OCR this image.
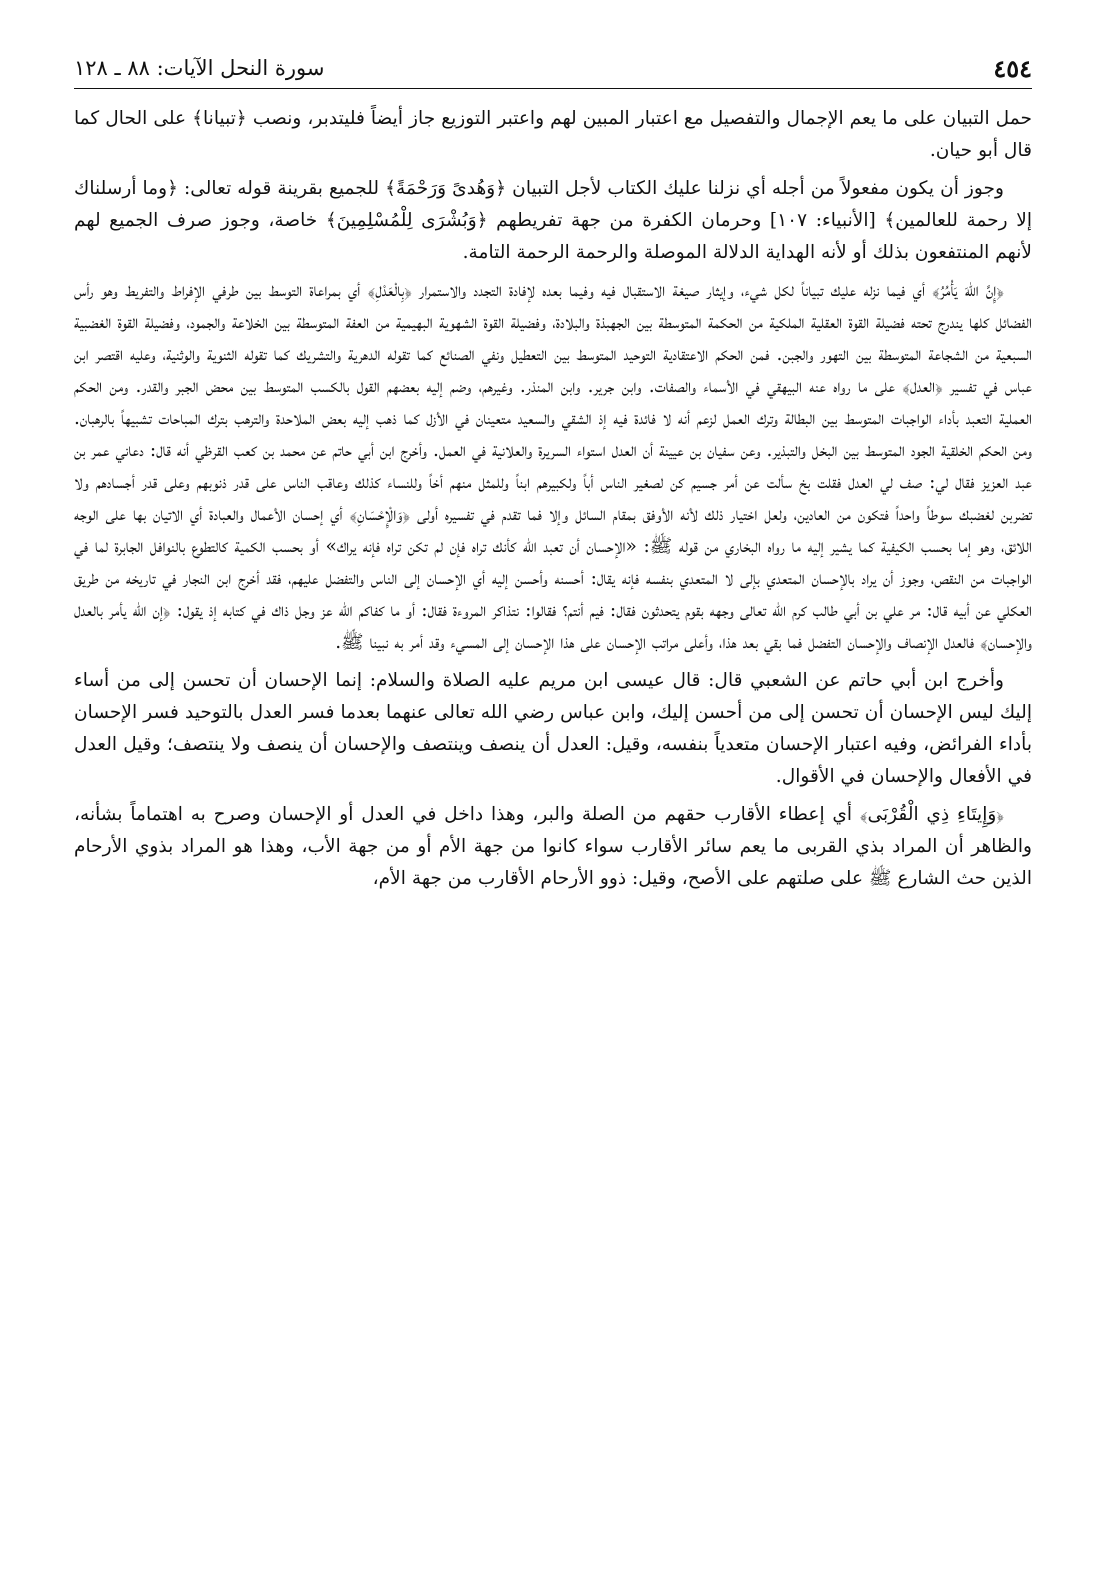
٤٥٤
سورة النحل الآيات: ٨٨ ـ ١٢٨

حمل التبيان على ما يعم الإجمال والتفصيل مع اعتبار المبين لهم واعتبر التوزيع جاز أيضاً فليتدبر، ونصب ﴿تبيانا﴾ على الحال كما قال أبو حيان.

وجوز أن يكون مفعولاً من أجله أي نزلنا عليك الكتاب لأجل التبيان ﴿وَهُدىً وَرَحْمَةً﴾ للجميع بقرينة قوله تعالى: ﴿وما أرسلناك إلا رحمة للعالمين﴾ [الأنبياء: ١٠٧] وحرمان الكفرة من جهة تفريطهم ﴿وَبُشْرَى لِلْمُسْلِمِينَ﴾ خاصة، وجوز صرف الجميع لهم لأنهم المنتفعون بذلك أو لأنه الهداية الدلالة الموصلة والرحمة الرحمة التامة.

﴿إِنَّ اللهَ يَأْمُرُ﴾ أي فيما نزله عليك تبياناً لكل شيء، وإيثار صيغة الاستقبال فيه وفيما بعده لإفادة التجدد والاستمرار ﴿بِالْعَدْلِ﴾ أي بمراعاة التوسط بين طرفي الإفراط والتفريط وهو رأس الفضائل كلها يندرج تحته فضيلة القوة العقلية الملكية من الحكمة المتوسطة بين الجهبذة والبلادة، وفضيلة القوة الشهوية البهيمية من العفة المتوسطة بين الخلاعة والجمود، وفضيلة القوة الغضبية السبعية من الشجاعة المتوسطة بين التهور والجبن. فمن الحكم الاعتقادية التوحيد المتوسط بين التعطيل ونفي الصنائع كما تقوله الدهرية والتشريك كما تقوله الثنوية والوثنية، وعليه اقتصر ابن عباس في تفسير ﴿العدل﴾ على ما رواه عنه البيهقي في الأسماء والصفات. وابن جرير. وابن المنذر. وغيرهم، وضم إليه بعضهم القول بالكسب المتوسط بين محض الجبر والقدر. ومن الحكم العملية التعبد بأداء الواجبات المتوسط بين البطالة وترك العمل لزعم أنه لا فائدة فيه إذ الشقي والسعيد متعينان في الأزل كما ذهب إليه بعض الملاحدة والترهب بترك المباحات تشبيهاً بالرهبان. ومن الحكم الخلقية الجود المتوسط بين البخل والتبذير. وعن سفيان بن عيينة أن العدل استواء السريرة والعلانية في العمل. وأخرج ابن أبي حاتم عن محمد بن كعب القرظي أنه قال: دعاني عمر بن عبد العزيز فقال لي: صف لي العدل فقلت بخ سألت عن أمر جسيم كن لصغير الناس أباً ولكبيرهم ابناً وللمثل منهم أخاً وللنساء كذلك وعاقب الناس على قدر ذنوبهم وعلى قدر أجسادهم ولا تضربن لغضبك سوطاً واحداً فتكون من العادين، ولعل اختيار ذلك لأنه الأوفق بمقام السائل وإلا فما تقدم في تفسيره أولى ﴿وَالْإِحْسَانِ﴾ أي إحسان الأعمال والعبادة أي الاتيان بها على الوجه اللائق، وهو إما بحسب الكيفية كما يشير إليه ما رواه البخاري من قوله ﷺ: «الإحسان أن تعبد الله كأنك تراه فإن لم تكن تراه فإنه يراك» أو بحسب الكمية كالتطوع بالنوافل الجابرة لما في الواجبات من النقص، وجوز أن يراد بالإحسان المتعدي بإلى لا المتعدي بنفسه فإنه يقال: أحسنه وأحسن إليه أي الإحسان إلى الناس والتفضل عليهم، فقد أخرج ابن النجار في تاريخه من طريق العكلي عن أبيه قال: مر علي بن أبي طالب كرم الله تعالى وجهه بقوم يتحدثون فقال: فيم أنتم؟ فقالوا: نتذاكر المروءة فقال: أو ما كفاكم الله عز وجل ذاك في كتابه إذ يقول: ﴿إن الله يأمر بالعدل والإحسان﴾ فالعدل الإنصاف والإحسان التفضل فما بقي بعد هذا، وأعلى مراتب الإحسان على هذا الإحسان إلى المسيء وقد أمر به نبينا ﷺ.

وأخرج ابن أبي حاتم عن الشعبي قال: قال عيسى ابن مريم عليه الصلاة والسلام: إنما الإحسان أن تحسن إلى من أساء إليك ليس الإحسان أن تحسن إلى من أحسن إليك، وابن عباس رضي الله تعالى عنهما بعدما فسر العدل بالتوحيد فسر الإحسان بأداء الفرائض، وفيه اعتبار الإحسان متعدياً بنفسه، وقيل: العدل أن ينصف وينتصف والإحسان أن ينصف ولا ينتصف؛ وقيل العدل في الأفعال والإحسان في الأقوال.

﴿وَإِيتَاءِ ذِي الْقُرْبَى﴾ أي إعطاء الأقارب حقهم من الصلة والبر، وهذا داخل في العدل أو الإحسان وصرح به اهتماماً بشأنه، والظاهر أن المراد بذي القربى ما يعم سائر الأقارب سواء كانوا من جهة الأم أو من جهة الأب، وهذا هو المراد بذوي الأرحام الذين حث الشارع ﷺ على صلتهم على الأصح، وقيل: ذوو الأرحام الأقارب من جهة الأم،
